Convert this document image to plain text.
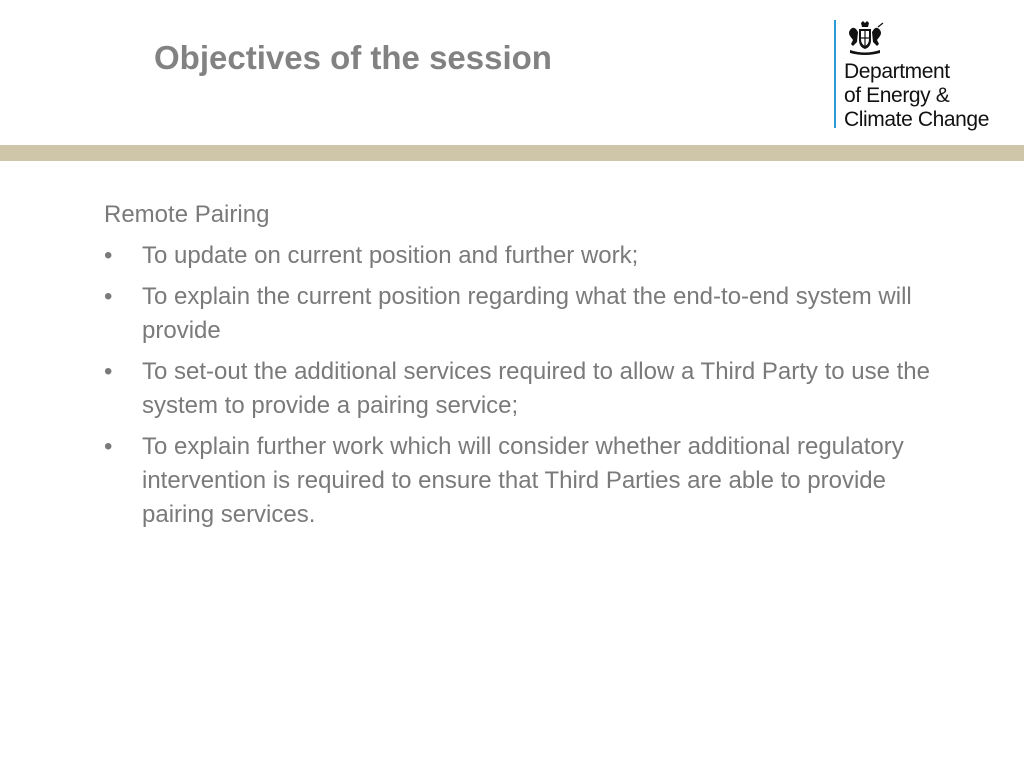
Objectives of the session	Department
of Energy &
Climate Change

Remote Pairing

• To update on current position and further work;
• To explain the current position regarding what the end-to-end system will provide
• To set-out the additional services required to allow a Third Party to use the system to provide a pairing service;
• To explain further work which will consider whether additional regulatory intervention is required to ensure that Third Parties are able to provide pairing services.
